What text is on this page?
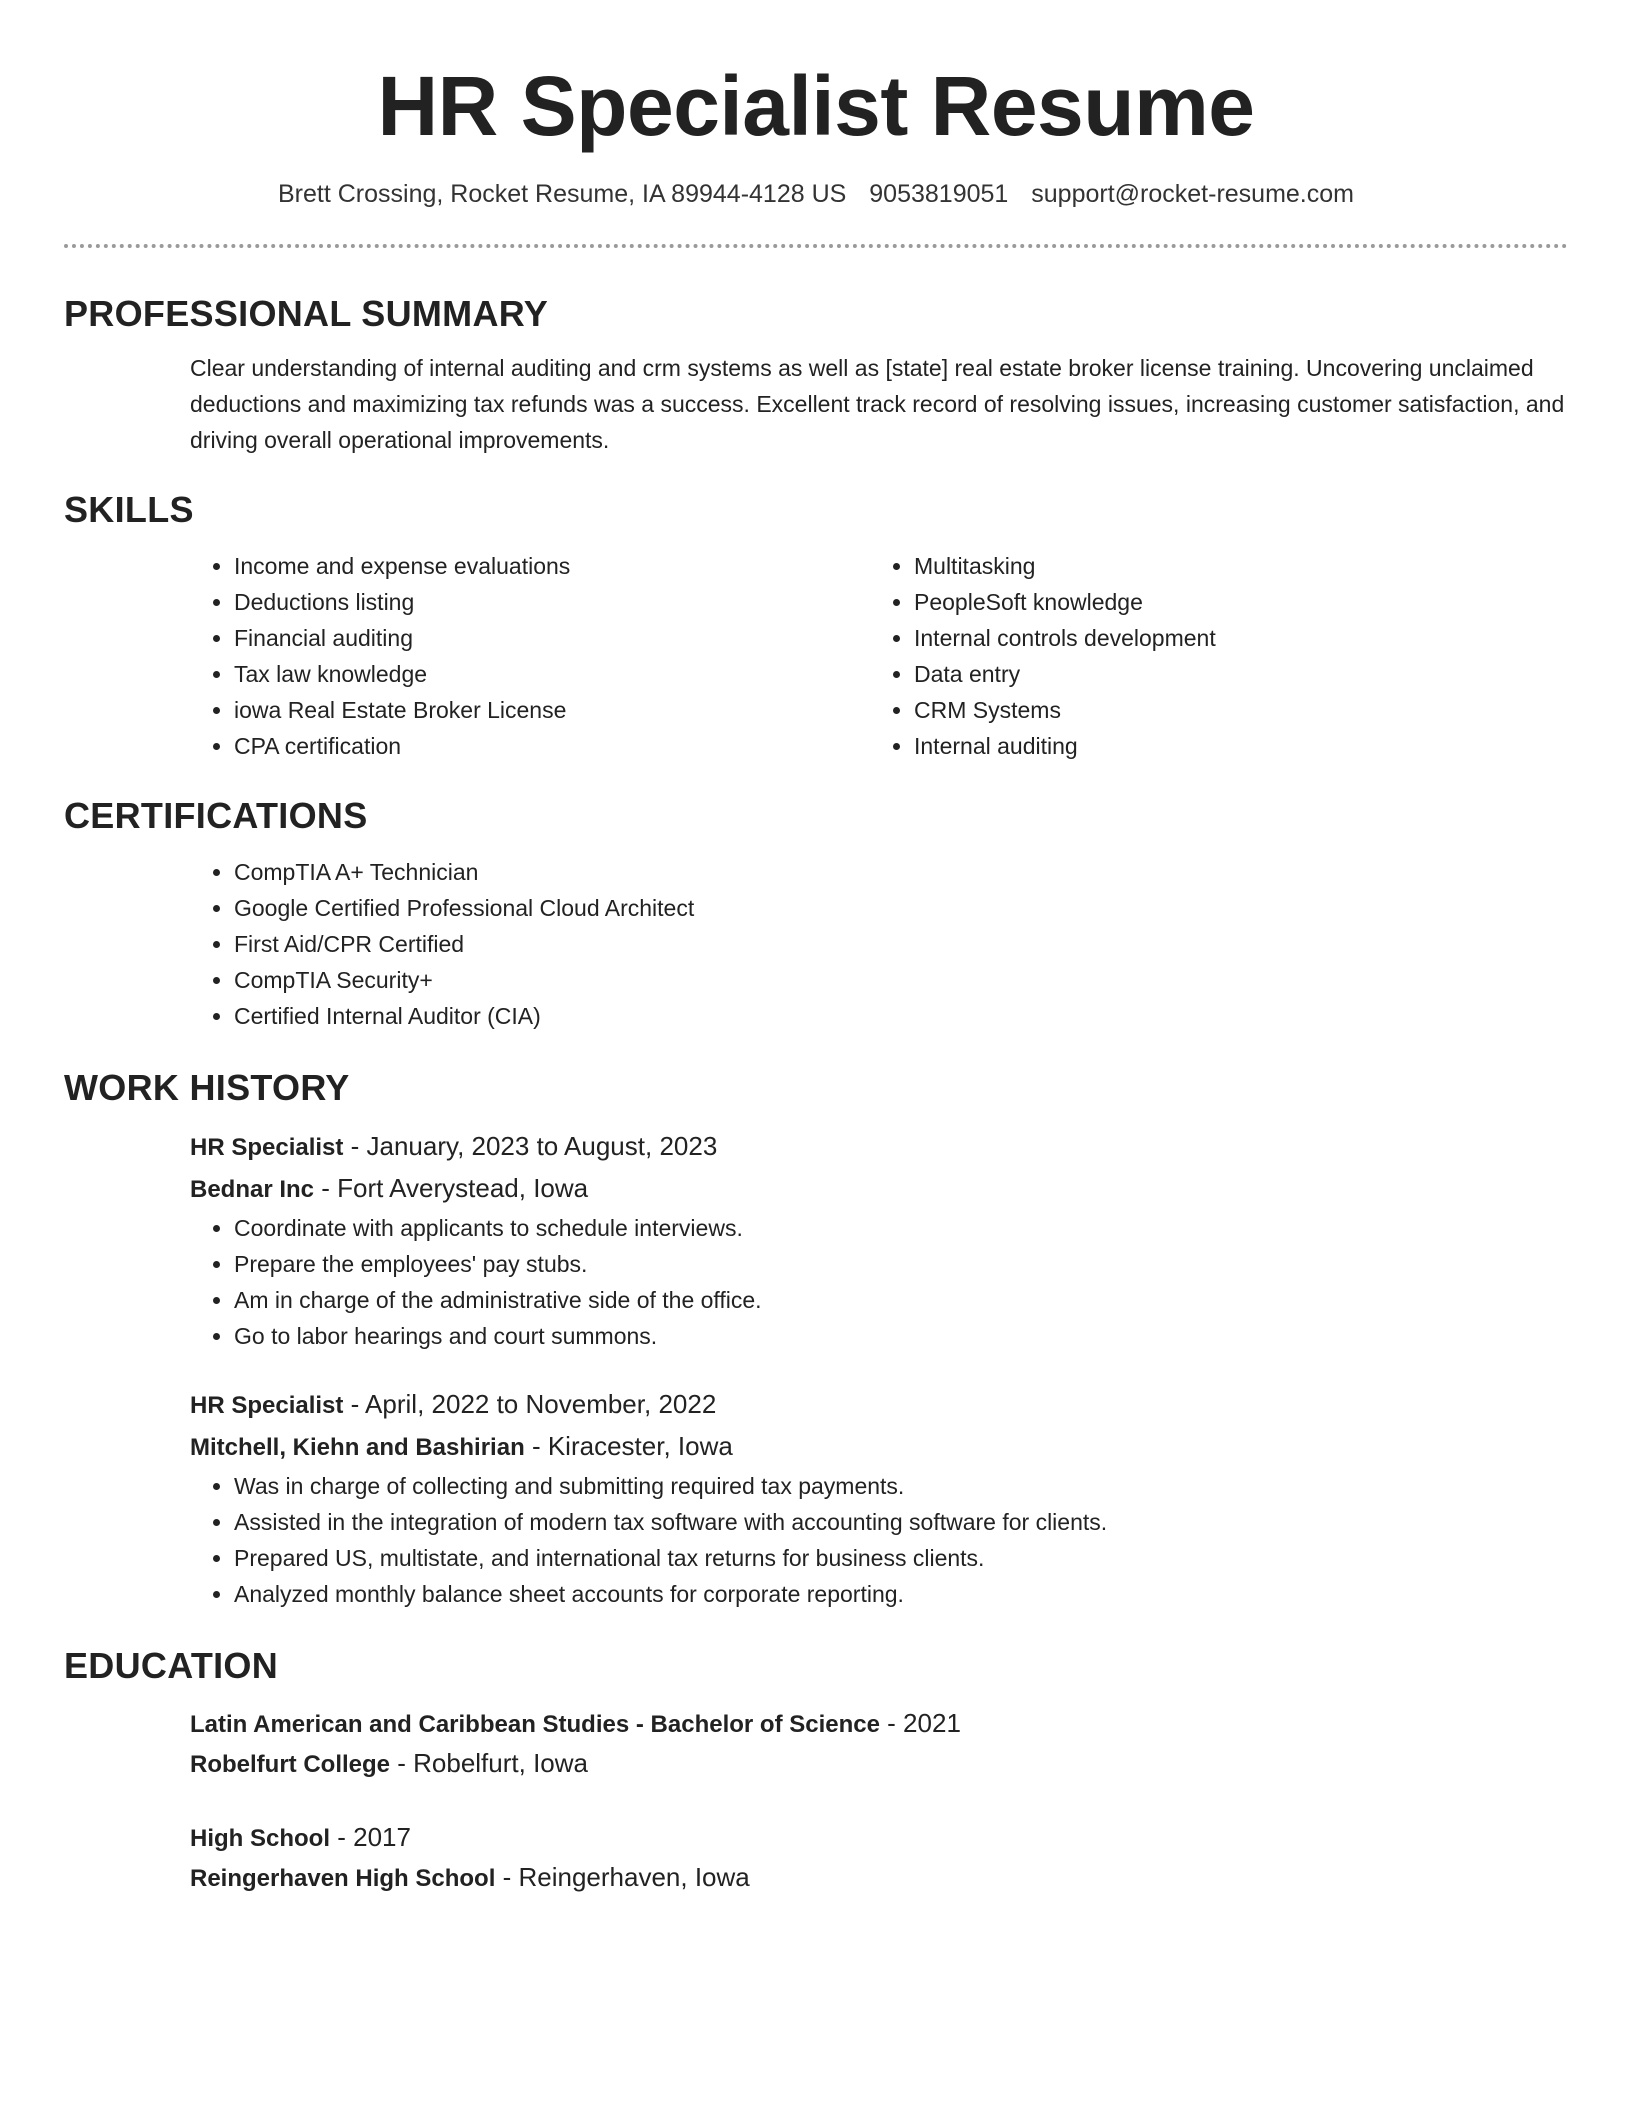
HR Specialist Resume
Brett Crossing, Rocket Resume, IA 89944-4128 US 9053819051 support@rocket-resume.com
PROFESSIONAL SUMMARY

Clear understanding of internal auditing and crm systems as well as [state] real estate broker license training. Uncovering unclaimed deductions and maximizing tax refunds was a success. Excellent track record of resolving issues, increasing customer satisfaction, and driving overall operational improvements.

SKILLS
• Income and expense evaluations
• Deductions listing
• Financial auditing
• Tax law knowledge
• iowa Real Estate Broker License
• CPA certification
• Multitasking
• PeopleSoft knowledge
• Internal controls development
• Data entry
• CRM Systems
• Internal auditing
CERTIFICATIONS
• CompTIA A+ Technician
• Google Certified Professional Cloud Architect
• First Aid/CPR Certified
• CompTIA Security+
• Certified Internal Auditor (CIA)
WORK HISTORY
HR Specialist - January, 2023 to August, 2023
Bednar Inc - Fort Averystead, Iowa
• Coordinate with applicants to schedule interviews.
• Prepare the employees' pay stubs.
• Am in charge of the administrative side of the office.
• Go to labor hearings and court summons.
HR Specialist - April, 2022 to November, 2022
Mitchell, Kiehn and Bashirian - Kiracester, Iowa
• Was in charge of collecting and submitting required tax payments.
• Assisted in the integration of modern tax software with accounting software for clients.
• Prepared US, multistate, and international tax returns for business clients.
• Analyzed monthly balance sheet accounts for corporate reporting.
EDUCATION
Latin American and Caribbean Studies - Bachelor of Science - 2021
Robelfurt College - Robelfurt, Iowa
High School - 2017
Reingerhaven High School - Reingerhaven, Iowa
